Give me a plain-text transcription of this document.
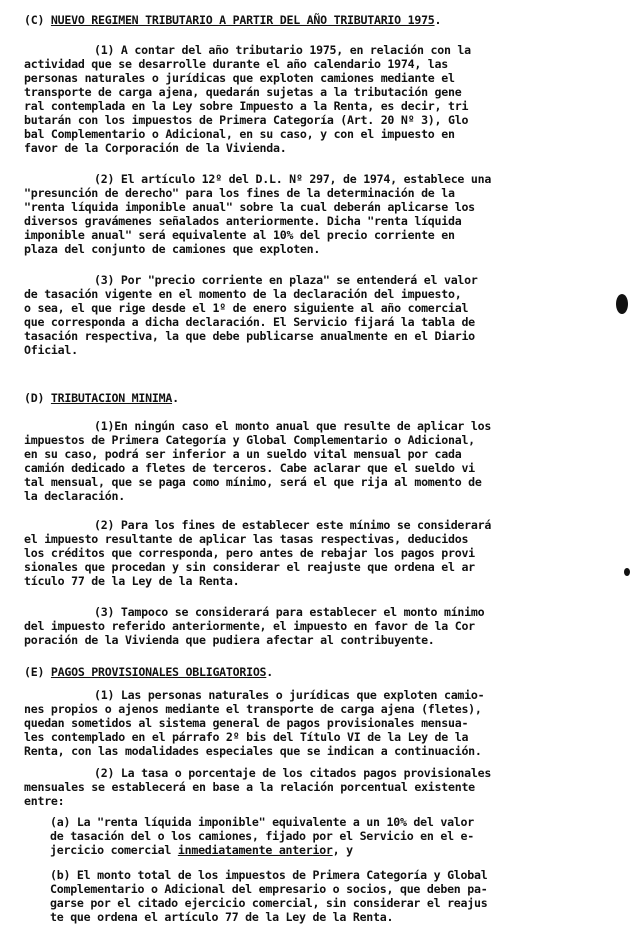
(C) NUEVO REGIMEN TRIBUTARIO A PARTIR DEL AÑO TRIBUTARIO 1975.
(1) A contar del año tributario 1975, en relación con la
actividad que se desarrolle durante el año calendario 1974, las
personas naturales o jurídicas que exploten camiones mediante el
transporte de carga ajena, quedarán sujetas a la tributación gene
ral contemplada en la Ley sobre Impuesto a la Renta, es decir, tri
butarán con los impuestos de Primera Categoría (Art. 20 Nº 3), Glo
bal Complementario o Adicional, en su caso, y con el impuesto en
favor de la Corporación de la Vivienda.
(2) El artículo 12º del D.L. Nº 297, de 1974, establece una
"presunción de derecho" para los fines de la determinación de la
"renta líquida imponible anual" sobre la cual deberán aplicarse los
diversos gravámenes señalados anteriormente. Dicha "renta líquida
imponible anual" será equivalente al 10% del precio corriente en
plaza del conjunto de camiones que exploten.
(3) Por "precio corriente en plaza" se entenderá el valor
de tasación vigente en el momento de la declaración del impuesto,
o sea, el que rige desde el 1º de enero siguiente al año comercial
que corresponda a dicha declaración. El Servicio fijará la tabla de
tasación respectiva, la que debe publicarse anualmente en el Diario
Oficial.
(D) TRIBUTACION MINIMA.
(1)En ningún caso el monto anual que resulte de aplicar los
impuestos de Primera Categoría y Global Complementario o Adicional,
en su caso, podrá ser inferior a un sueldo vital mensual por cada
camión dedicado a fletes de terceros. Cabe aclarar que el sueldo vi
tal mensual, que se paga como mínimo, será el que rija al momento de
la declaración.
(2) Para los fines de establecer este mínimo se considerará
el impuesto resultante de aplicar las tasas respectivas, deducidos
los créditos que corresponda, pero antes de rebajar los pagos provi
sionales que procedan y sin considerar el reajuste que ordena el ar
tículo 77 de la Ley de la Renta.
(3) Tampoco se considerará para establecer el monto mínimo
del impuesto referido anteriormente, el impuesto en favor de la Cor
poración de la Vivienda que pudiera afectar al contribuyente.
(E) PAGOS PROVISIONALES OBLIGATORIOS.
(1) Las personas naturales o jurídicas que exploten camio-
nes propios o ajenos mediante el transporte de carga ajena (fletes),
quedan sometidos al sistema general de pagos provisionales mensua-
les contemplado en el párrafo 2º bis del Título VI de la Ley de la
Renta, con las modalidades especiales que se indican a continuación.
(2) La tasa o porcentaje de los citados pagos provisionales
mensuales se establecerá en base a la relación porcentual existente
entre:
(a) La "renta líquida imponible" equivalente a un 10% del valor
de tasación del o los camiones, fijado por el Servicio en el e-
jercicio comercial inmediatamente anterior, y
(b) El monto total de los impuestos de Primera Categoría y Global
Complementario o Adicional del empresario o socios, que deben pa-
garse por el citado ejercicio comercial, sin considerar el reajus
te que ordena el artículo 77 de la Ley de la Renta.
